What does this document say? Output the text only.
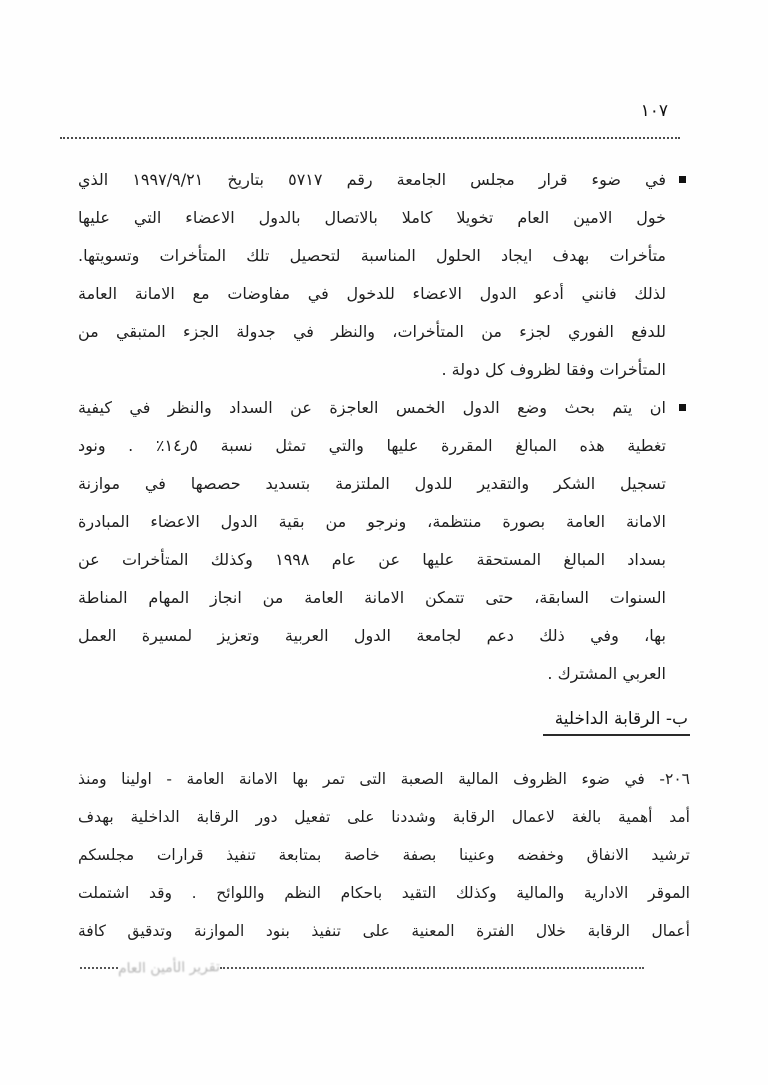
١٠٧
في ضوء قرار مجلس الجامعة رقم ٥٧١٧ بتاريخ ١٩٩٧/٩/٢١ الذي
خول الامين العام تخويلا كاملا بالاتصال بالدول الاعضاء التي عليها
متأخرات بهدف ايجاد الحلول المناسبة لتحصيل تلك المتأخرات وتسويتها.
لذلك فانني أدعو الدول الاعضاء للدخول في مفاوضات مع الامانة العامة
للدفع الفوري لجزء من المتأخرات، والنظر في جدولة الجزء المتبقي من
المتأخرات وفقا لظروف كل دولة .
ان يتم بحث وضع الدول الخمس العاجزة عن السداد والنظر في كيفية
تغطية هذه المبالغ المقررة عليها والتي تمثل نسبة ٥ر١٤٪ . ونود
تسجيل الشكر والتقدير للدول الملتزمة بتسديد حصصها في موازنة
الامانة العامة بصورة منتظمة، ونرجو من بقية الدول الاعضاء المبادرة
بسداد المبالغ المستحقة عليها عن عام ١٩٩٨ وكذلك المتأخرات عن
السنوات السابقة، حتى تتمكن الامانة العامة من انجاز المهام المناطة
بها، وفي ذلك دعم لجامعة الدول العربية وتعزيز لمسيرة العمل
العربي المشترك .
ب- الرقابة الداخلية
٢٠٦- في ضوء الظروف المالية الصعبة التى تمر بها الامانة العامة - اولينا ومنذ
أمد أهمية بالغة لاعمال الرقابة وشددنا على تفعيل دور الرقابة الداخلية بهدف
ترشيد الانفاق وخفضه وعنينا بصفة خاصة بمتابعة تنفيذ قرارات مجلسكم
الموقر الادارية والمالية وكذلك التقيد باحكام النظم واللوائح . وقد اشتملت
أعمال الرقابة خلال الفترة المعنية على تنفيذ بنود الموازنة وتدقيق كافة
تقرير الأمين العام
